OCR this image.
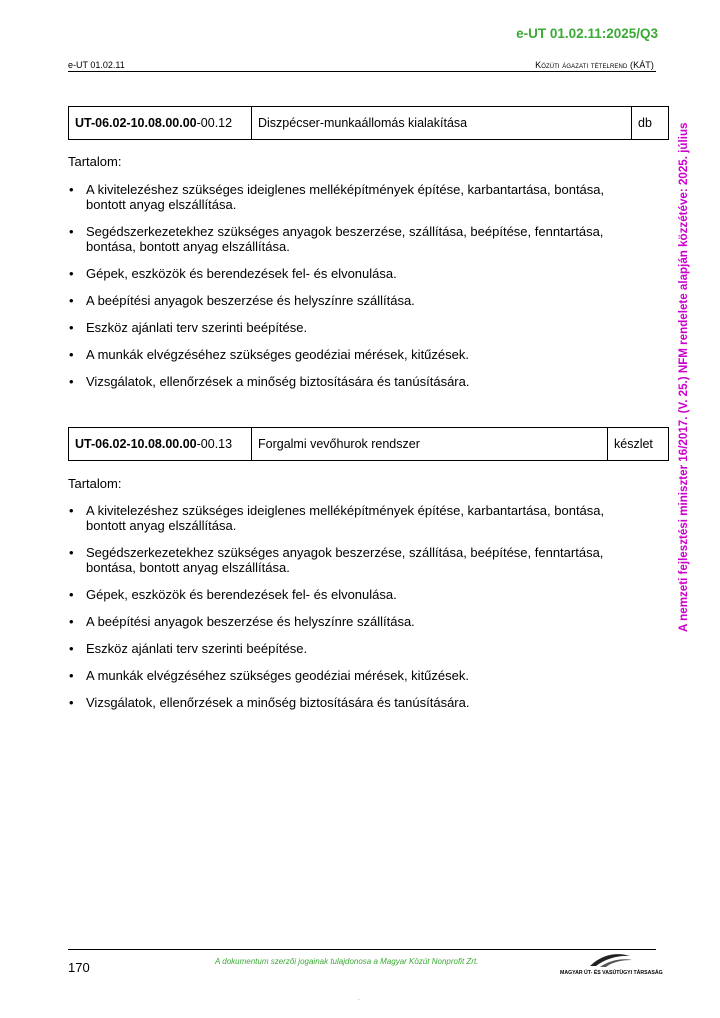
e-UT 01.02.11:2025/Q3
e-UT 01.02.11	Közúti ágazati tételrend (KÁT)
A nemzeti fejlesztési miniszter 16/2017. (V. 25.) NFM rendelete alapján közzétéve: 2025. július
UT-06.02-10.08.00.00-00.12	Diszpécser-munkaállomás kialakítása	db
Tartalom:
• A kivitelezéshez szükséges ideiglenes melléképítmények építése, karbantartása, bontása, bontott anyag elszállítása.
• Segédszerkezetekhez szükséges anyagok beszerzése, szállítása, beépítése, fenntartása, bontása, bontott anyag elszállítása.
• Gépek, eszközök és berendezések fel- és elvonulása.
• A beépítési anyagok beszerzése és helyszínre szállítása.
• Eszköz ajánlati terv szerinti beépítése.
• A munkák elvégzéséhez szükséges geodéziai mérések, kitűzések.
• Vizsgálatok, ellenőrzések a minőség biztosítására és tanúsítására.
UT-06.02-10.08.00.00-00.13	Forgalmi vevőhurok rendszer	készlet
Tartalom:
• A kivitelezéshez szükséges ideiglenes melléképítmények építése, karbantartása, bontása, bontott anyag elszállítása.
• Segédszerkezetekhez szükséges anyagok beszerzése, szállítása, beépítése, fenntartása, bontása, bontott anyag elszállítása.
• Gépek, eszközök és berendezések fel- és elvonulása.
• A beépítési anyagok beszerzése és helyszínre szállítása.
• Eszköz ajánlati terv szerinti beépítése.
• A munkák elvégzéséhez szükséges geodéziai mérések, kitűzések.
• Vizsgálatok, ellenőrzések a minőség biztosítására és tanúsítására.
170	A dokumentum szerzői jogainak tulajdonosa a Magyar Közút Nonprofit Zrt.
MAGYAR ÚT- ÉS VASÚTÜGYI TÁRSASÁG
.
